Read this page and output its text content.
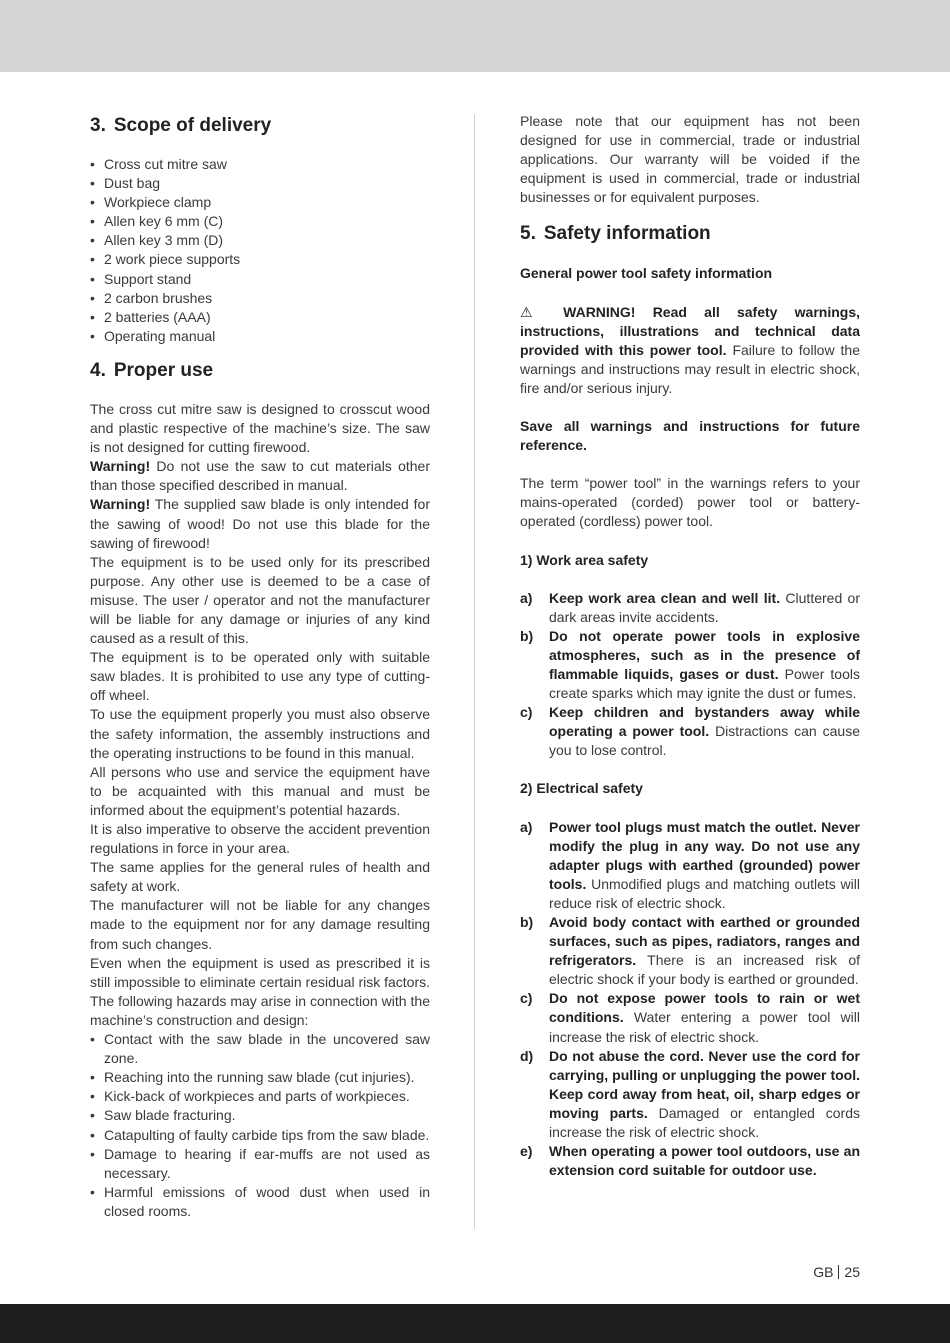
3. Scope of delivery
• Cross cut mitre saw
• Dust bag
• Workpiece clamp
• Allen key 6 mm (C)
• Allen key 3 mm (D)
• 2 work piece supports
• Support stand
• 2 carbon brushes
• 2 batteries (AAA)
• Operating manual
4. Proper use

The cross cut mitre saw is designed to crosscut wood and plastic respective of the machine’s size. The saw is not designed for cutting firewood.

Warning! Do not use the saw to cut materials other than those specified described in manual.

Warning! The supplied saw blade is only intended for the sawing of wood! Do not use this blade for the sawing of firewood!

The equipment is to be used only for its prescribed purpose. Any other use is deemed to be a case of misuse. The user / operator and not the manufacturer will be liable for any damage or injuries of any kind caused as a result of this.

The equipment is to be operated only with suitable saw blades. It is prohibited to use any type of cutting-off wheel.

To use the equipment properly you must also observe the safety information, the assembly instructions and the operating instructions to be found in this manual.

All persons who use and service the equipment have to be acquainted with this manual and must be informed about the equipment’s potential hazards.

It is also imperative to observe the accident prevention regulations in force in your area.

The same applies for the general rules of health and safety at work.

The manufacturer will not be liable for any changes made to the equipment nor for any damage resulting from such changes.

Even when the equipment is used as prescribed it is still impossible to eliminate certain residual risk factors. The following hazards may arise in connection with the machine’s construction and design:

• Contact with the saw blade in the uncovered saw zone.
• Reaching into the running saw blade (cut injuries).
• Kick-back of workpieces and parts of workpieces.
• Saw blade fracturing.
• Catapulting of faulty carbide tips from the saw blade.
• Damage to hearing if ear-muffs are not used as necessary.
• Harmful emissions of wood dust when used in closed rooms.

Please note that our equipment has not been designed for use in commercial, trade or industrial applications. Our warranty will be voided if the equipment is used in commercial, trade or industrial businesses or for equivalent purposes.

5. Safety information

General power tool safety information

⚠ WARNING! Read all safety warnings, instructions, illustrations and technical data provided with this power tool. Failure to follow the warnings and instructions may result in electric shock, fire and/or serious injury.

Save all warnings and instructions for future reference.

The term “power tool” in the warnings refers to your mains-operated (corded) power tool or battery-operated (cordless) power tool.

1) Work area safety

a) Keep work area clean and well lit. Cluttered or dark areas invite accidents.
b) Do not operate power tools in explosive atmospheres, such as in the presence of flammable liquids, gases or dust. Power tools create sparks which may ignite the dust or fumes.
c) Keep children and bystanders away while operating a power tool. Distractions can cause you to lose control.

2) Electrical safety

a) Power tool plugs must match the outlet. Never modify the plug in any way. Do not use any adapter plugs with earthed (grounded) power tools. Unmodified plugs and matching outlets will reduce risk of electric shock.
b) Avoid body contact with earthed or grounded surfaces, such as pipes, radiators, ranges and refrigerators. There is an increased risk of electric shock if your body is earthed or grounded.
c) Do not expose power tools to rain or wet conditions. Water entering a power tool will increase the risk of electric shock.
d) Do not abuse the cord. Never use the cord for carrying, pulling or unplugging the power tool. Keep cord away from heat, oil, sharp edges or moving parts. Damaged or entangled cords increase the risk of electric shock.
e) When operating a power tool outdoors, use an extension cord suitable for outdoor use.
GB 25
